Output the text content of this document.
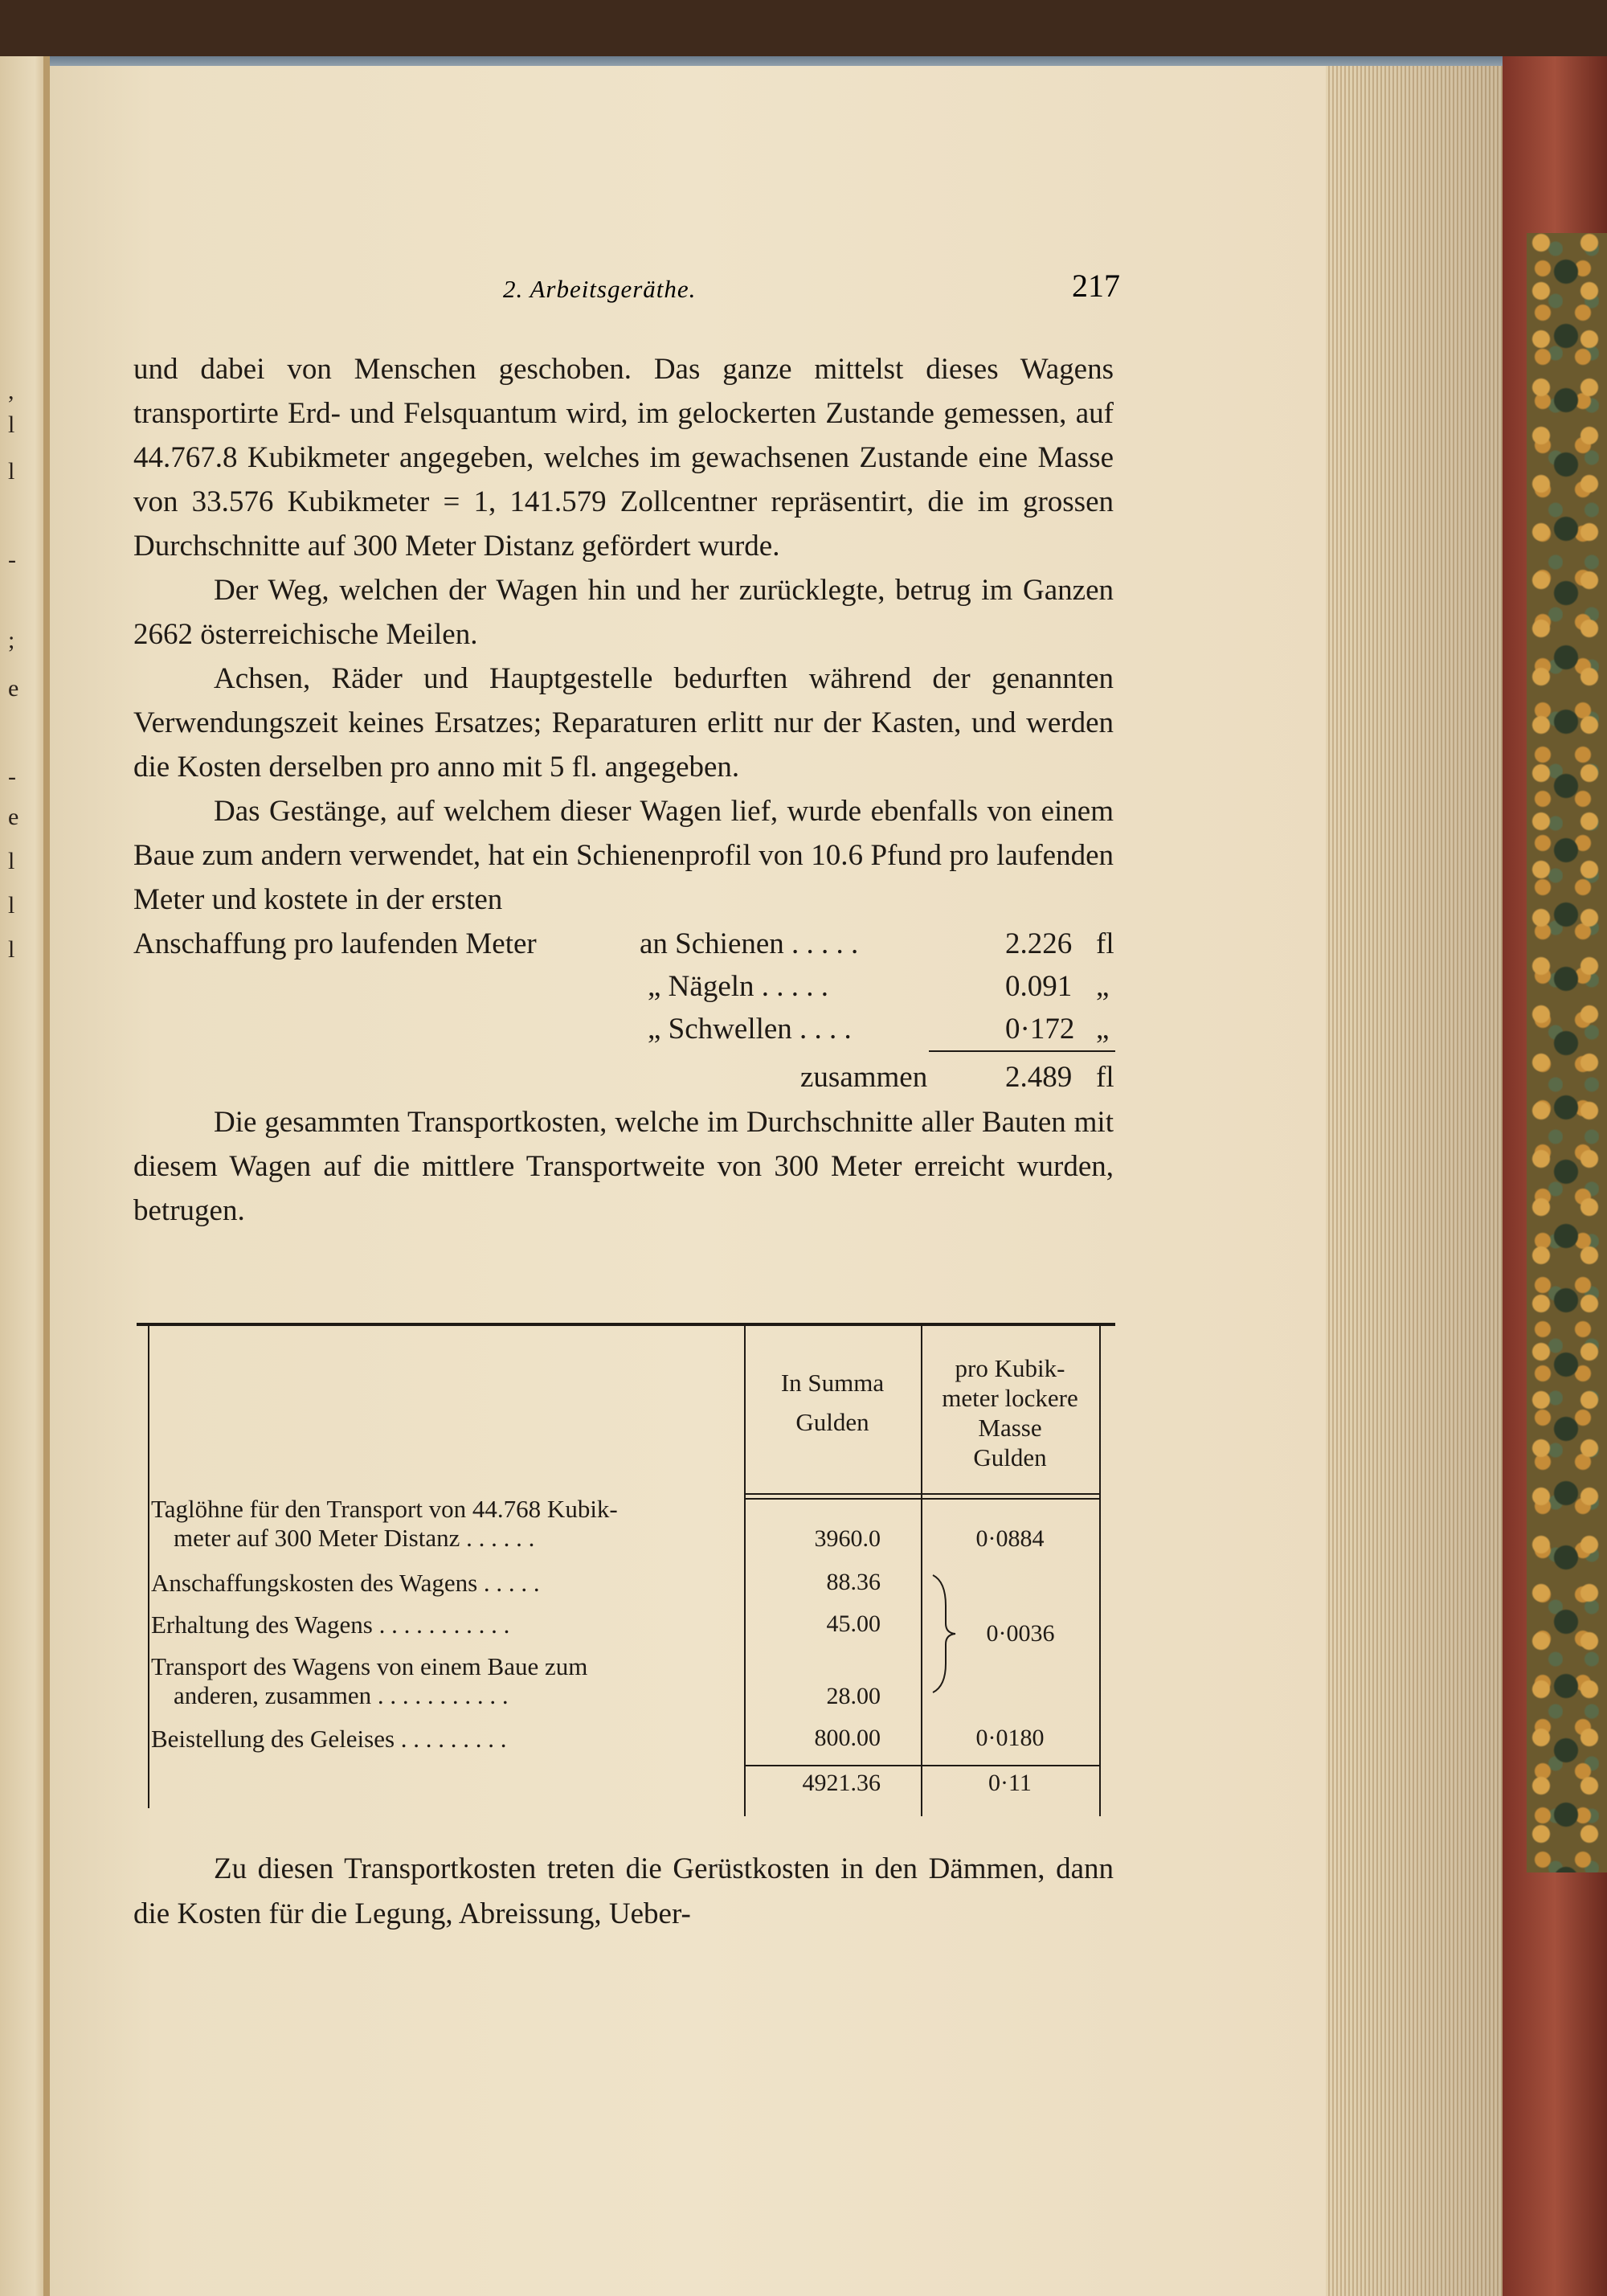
,
l
l
-
;
e
-
e
l
l
l
2. Arbeitsgeräthe.	217

und dabei von Menschen geschoben. Das ganze mittelst dieses Wagens transportirte Erd- und Felsquantum wird, im gelockerten Zustande gemessen, auf 44.767.8 Kubikmeter angegeben, welches im gewachsenen Zustande eine Masse von 33.576 Kubikmeter = 1, 141.579 Zollcentner repräsentirt, die im grossen Durchschnitte auf 300 Meter Distanz gefördert wurde.

Der Weg, welchen der Wagen hin und her zurücklegte, betrug im Ganzen 2662 österreichische Meilen.

Achsen, Räder und Hauptgestelle bedurften während der genannten Verwendungszeit keines Ersatzes; Reparaturen erlitt nur der Kasten, und werden die Kosten derselben pro anno mit 5 fl. angegeben.

Das Gestänge, auf welchem dieser Wagen lief, wurde ebenfalls von einem Baue zum andern verwendet, hat ein Schienenprofil von 10.6 Pfund pro laufenden Meter und kostete in der ersten

Anschaffung pro laufenden Meter	an Schienen . . . . .	2.226 fl
„ Nägeln . . . . .	0.091 „
„ Schwellen . . . .	0·172 „
zusammen	2.489 fl

Die gesammten Transportkosten, welche im Durchschnitte aller Bauten mit diesem Wagen auf die mittlere Transportweite von 300 Meter erreicht wurden, betrugen.

In Summa
Gulden
pro Kubik-
meter lockere
Masse
Gulden
Taglöhne für den Transport von 44.768 Kubik-
meter auf 300 Meter Distanz . . . . . .	3960.0	0·0884
Anschaffungskosten des Wagens . . . . .	88.36
Erhaltung des Wagens . . . . . . . . . . .	45.00	0·0036
Transport des Wagens von einem Baue zum
anderen, zusammen . . . . . . . . . . .	28.00
Beistellung des Geleises . . . . . . . . .	800.00	0·0180
4921.36	0·11

Zu diesen Transportkosten treten die Gerüstkosten in den Dämmen, dann die Kosten für die Legung, Abreissung, Ueber-
